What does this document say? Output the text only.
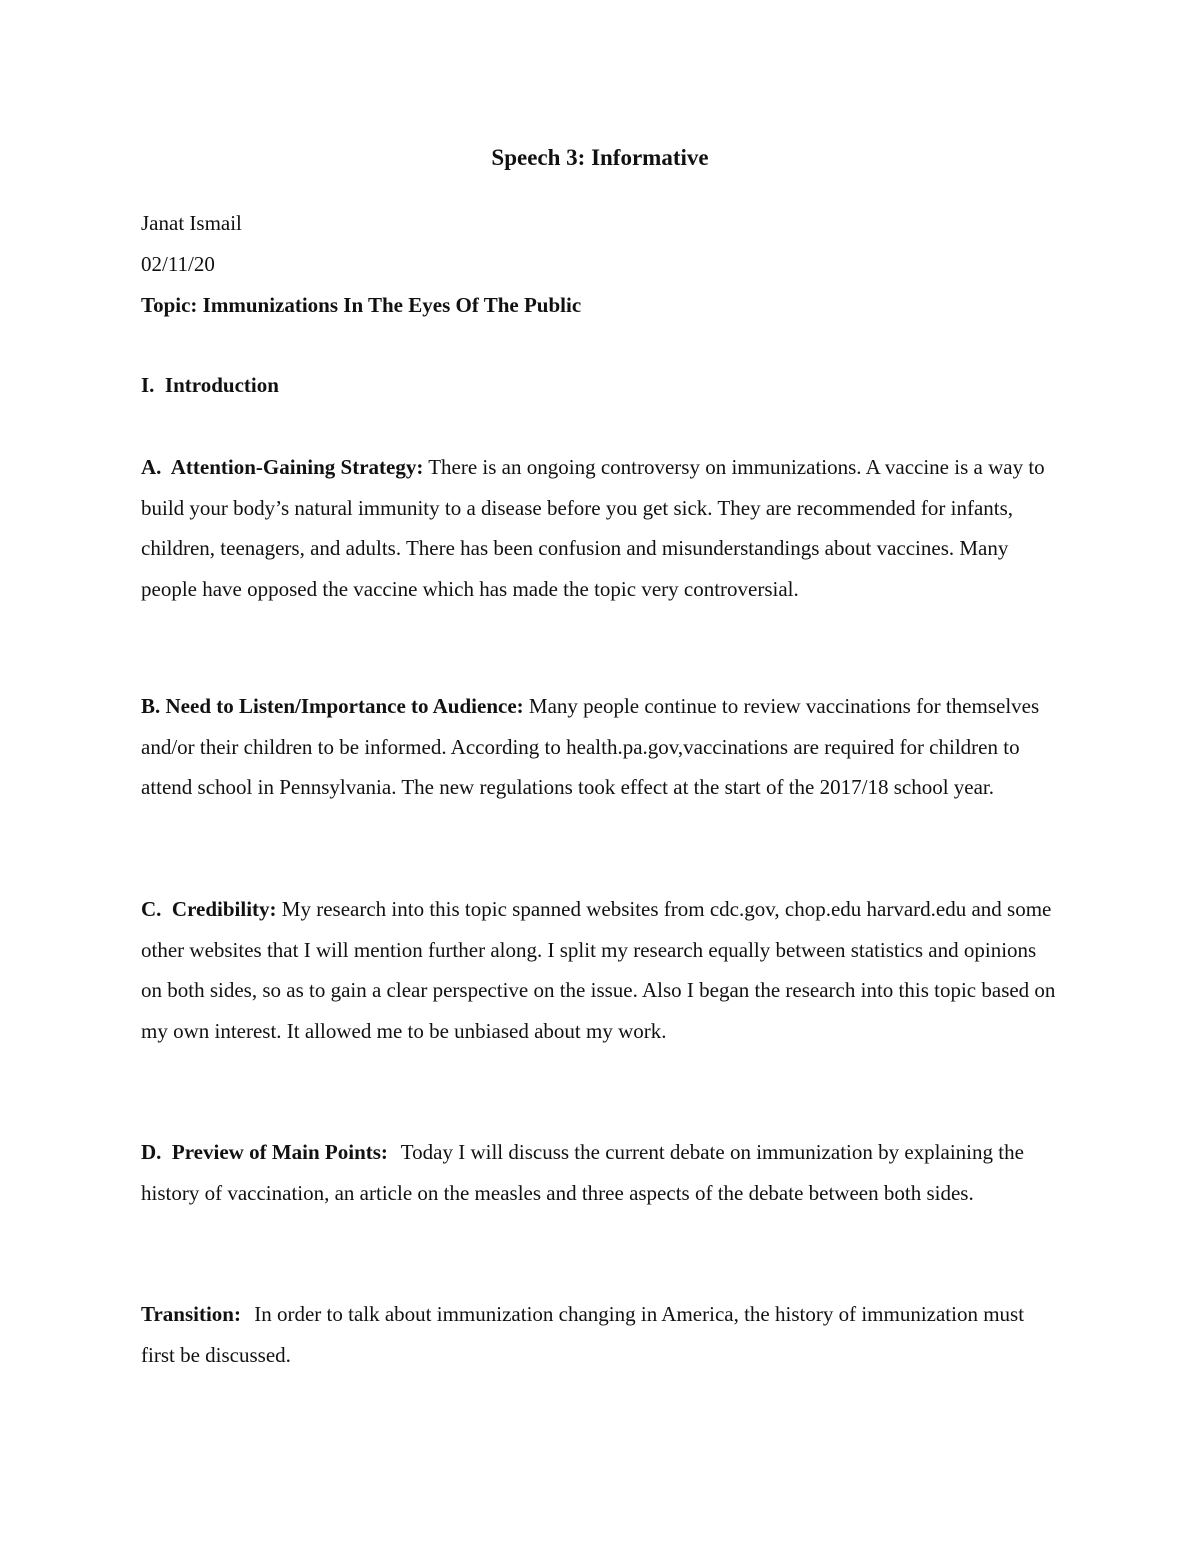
Speech 3: Informative
Janat Ismail
02/11/20
Topic: Immunizations In The Eyes Of The Public
I.  Introduction

A.  Attention-Gaining Strategy: There is an ongoing controversy on immunizations. A vaccine is a way to build your body’s natural immunity to a disease before you get sick. They are recommended for infants, children, teenagers, and adults. There has been confusion and misunderstandings about vaccines. Many people have opposed the vaccine which has made the topic very controversial.

B. Need to Listen/Importance to Audience: Many people continue to review vaccinations for themselves and/or their children to be informed. According to health.pa.gov,vaccinations are required for children to attend school in Pennsylvania. The new regulations took effect at the start of the 2017/18 school year.

C.  Credibility: My research into this topic spanned websites from cdc.gov, chop.edu harvard.edu and some other websites that I will mention further along. I split my research equally between statistics and opinions on both sides, so as to gain a clear perspective on the issue. Also I began the research into this topic based on my own interest. It allowed me to be unbiased about my work.

D.  Preview of Main Points: Today I will discuss the current debate on immunization by explaining the history of vaccination, an article on the measles and three aspects of the debate between both sides.

Transition: In order to talk about immunization changing in America, the history of immunization must first be discussed.
